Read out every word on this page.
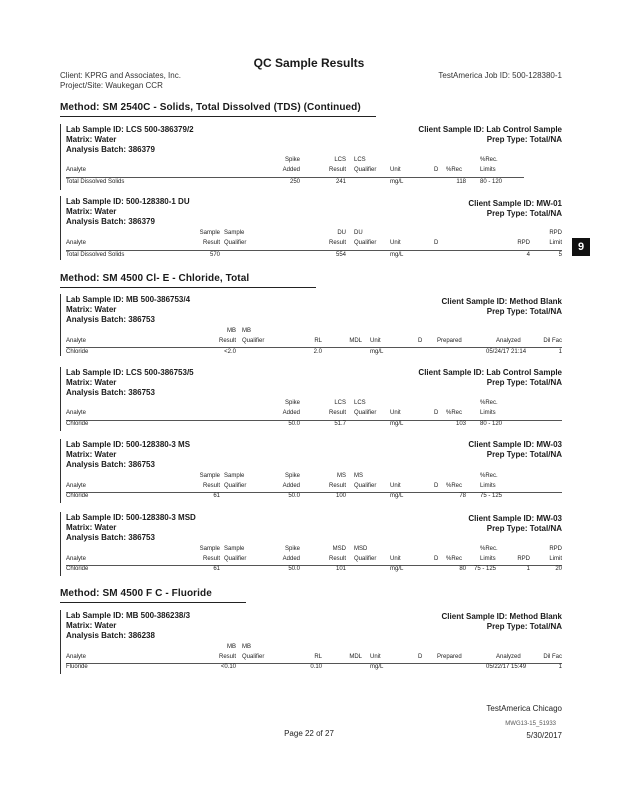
QC Sample Results
Client: KPRG and Associates, Inc.
Project/Site: Waukegan CCR
TestAmerica Job ID: 500-128380-1
9
Method: SM 2540C - Solids, Total Dissolved (TDS) (Continued)
Lab Sample ID: LCS 500-386379/2
Matrix: Water
Analysis Batch: 386379
Client Sample ID: Lab Control Sample
Prep Type: Total/NA
Spike	LCS LCS	%Rec.
Analyte	Added	Result Qualifier Unit	D %Rec	Limits
Total Dissolved Solids	250	241	mg/L	118 80 - 120
Lab Sample ID: 500-128380-1 DU
Matrix: Water
Analysis Batch: 386379
Client Sample ID: MW-01
Prep Type: Total/NA
Sample Sample	DU DU	RPD
Analyte	Result Qualifier	Result Qualifier Unit	D	RPD	Limit
Total Dissolved Solids	570	554	mg/L	4	5
Method: SM 4500 Cl- E - Chloride, Total
Lab Sample ID: MB 500-386753/4
Matrix: Water
Analysis Batch: 386753
Client Sample ID: Method Blank
Prep Type: Total/NA
MB MB
Analyte	Result Qualifier	RL	MDL Unit	D Prepared	Analyzed	Dil Fac
Chloride	<2.0	2.0	mg/L	05/24/17 21:14	1
Lab Sample ID: LCS 500-386753/5
Matrix: Water
Analysis Batch: 386753
Client Sample ID: Lab Control Sample
Prep Type: Total/NA
Spike	LCS LCS	%Rec.
Analyte	Added	Result Qualifier Unit	D %Rec	Limits
Chloride	50.0	51.7	mg/L	103 80 - 120
Lab Sample ID: 500-128380-3 MS
Matrix: Water
Analysis Batch: 386753
Client Sample ID: MW-03
Prep Type: Total/NA
Sample Sample	Spike	MS MS	%Rec.
Analyte	Result Qualifier	Added	Result Qualifier Unit	D %Rec	Limits
Chloride	61	50.0	100	mg/L	78 75 - 125
Lab Sample ID: 500-128380-3 MSD
Matrix: Water
Analysis Batch: 386753
Client Sample ID: MW-03
Prep Type: Total/NA
Sample Sample	Spike	MSD MSD	%Rec.	RPD
Analyte	Result Qualifier	Added	Result Qualifier Unit	D %Rec	Limits	RPD	Limit
Chloride	61	50.0	101	mg/L	80 75 - 125	1	20
Method: SM 4500 F C - Fluoride
Lab Sample ID: MB 500-386238/3
Matrix: Water
Analysis Batch: 386238
Client Sample ID: Method Blank
Prep Type: Total/NA
MB MB
Analyte	Result Qualifier	RL	MDL Unit	D Prepared	Analyzed	Dil Fac
Fluoride	<0.10	0.10	mg/L	05/22/17 15:49	1
TestAmerica Chicago
MWG13-15_51933
Page 22 of 27	5/30/2017
